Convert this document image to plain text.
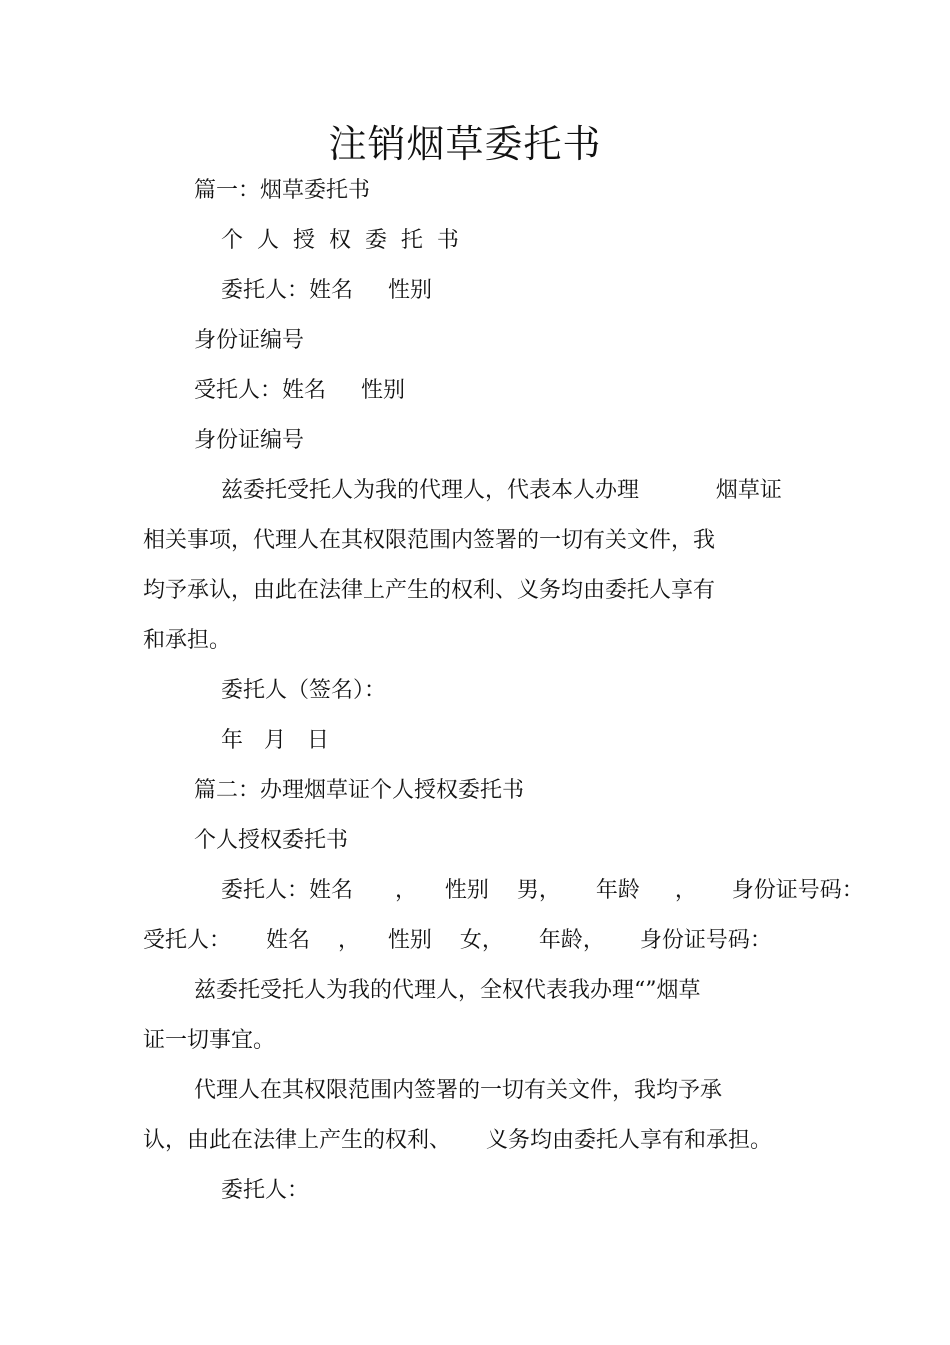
注销烟草委托书
篇一：烟草委托书
个  人  授  权  委  托  书
委托人：姓名     性别
身份证编号
受托人：姓名     性别
身份证编号
兹委托受托人为我的代理人，代表本人办理           烟草证
相关事项，代理人在其权限范围内签署的一切有关文件，我
均予承认，由此在法律上产生的权利、义务均由委托人享有
和承担。
委托人（签名）：
年   月   日
篇二：办理烟草证个人授权委托书
个人授权委托书
委托人：姓名      ，    性别    男，     年龄     ，     身份证号码：
受托人：     姓名    ，    性别    女，     年龄，     身份证号码：
兹委托受托人为我的代理人，全权代表我办理“”烟草
证一切事宜。
代理人在其权限范围内签署的一切有关文件，我均予承
认，由此在法律上产生的权利、     义务均由委托人享有和承担。
委托人：
